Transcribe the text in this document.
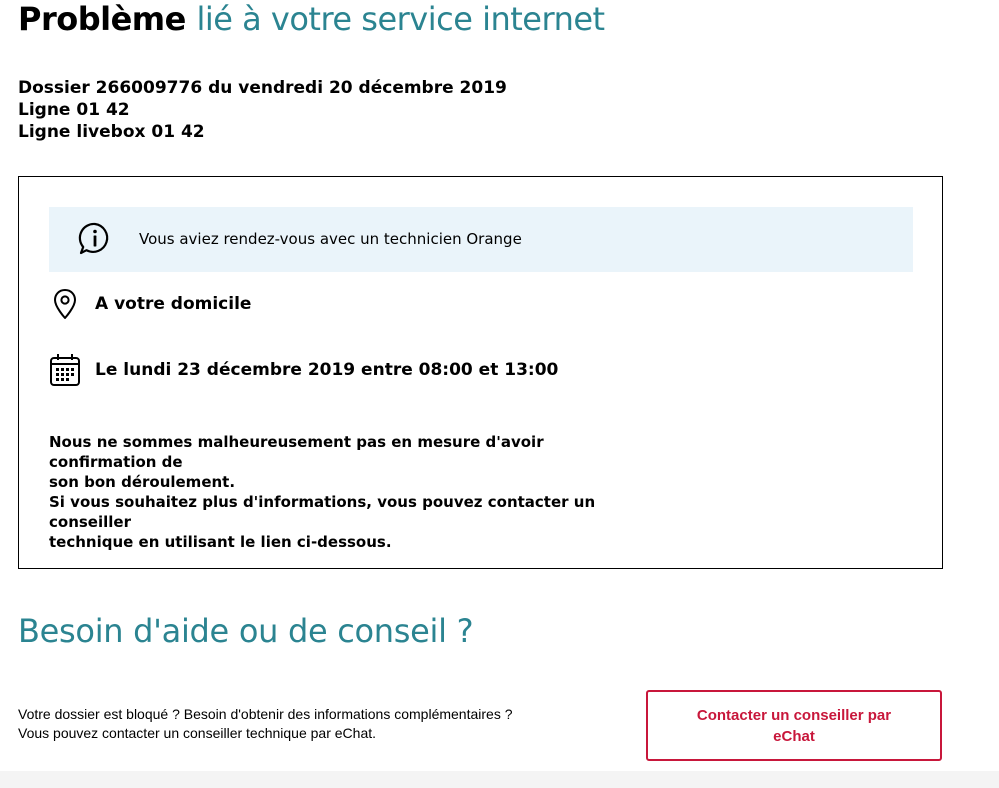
Problème lié à votre service internet
Dossier 266009776 du vendredi 20 décembre 2019
Ligne 01 42
Ligne livebox 01 42
Vous aviez rendez-vous avec un technicien Orange
A votre domicile
Le lundi 23 décembre 2019 entre 08:00 et 13:00
Nous ne sommes malheureusement pas en mesure d'avoir confirmation de
son bon déroulement.
Si vous souhaitez plus d'informations, vous pouvez contacter un conseiller
technique en utilisant le lien ci-dessous.
Besoin d'aide ou de conseil ?
Votre dossier est bloqué ? Besoin d'obtenir des informations complémentaires ?
Vous pouvez contacter un conseiller technique par eChat.
Contacter un conseiller par eChat
